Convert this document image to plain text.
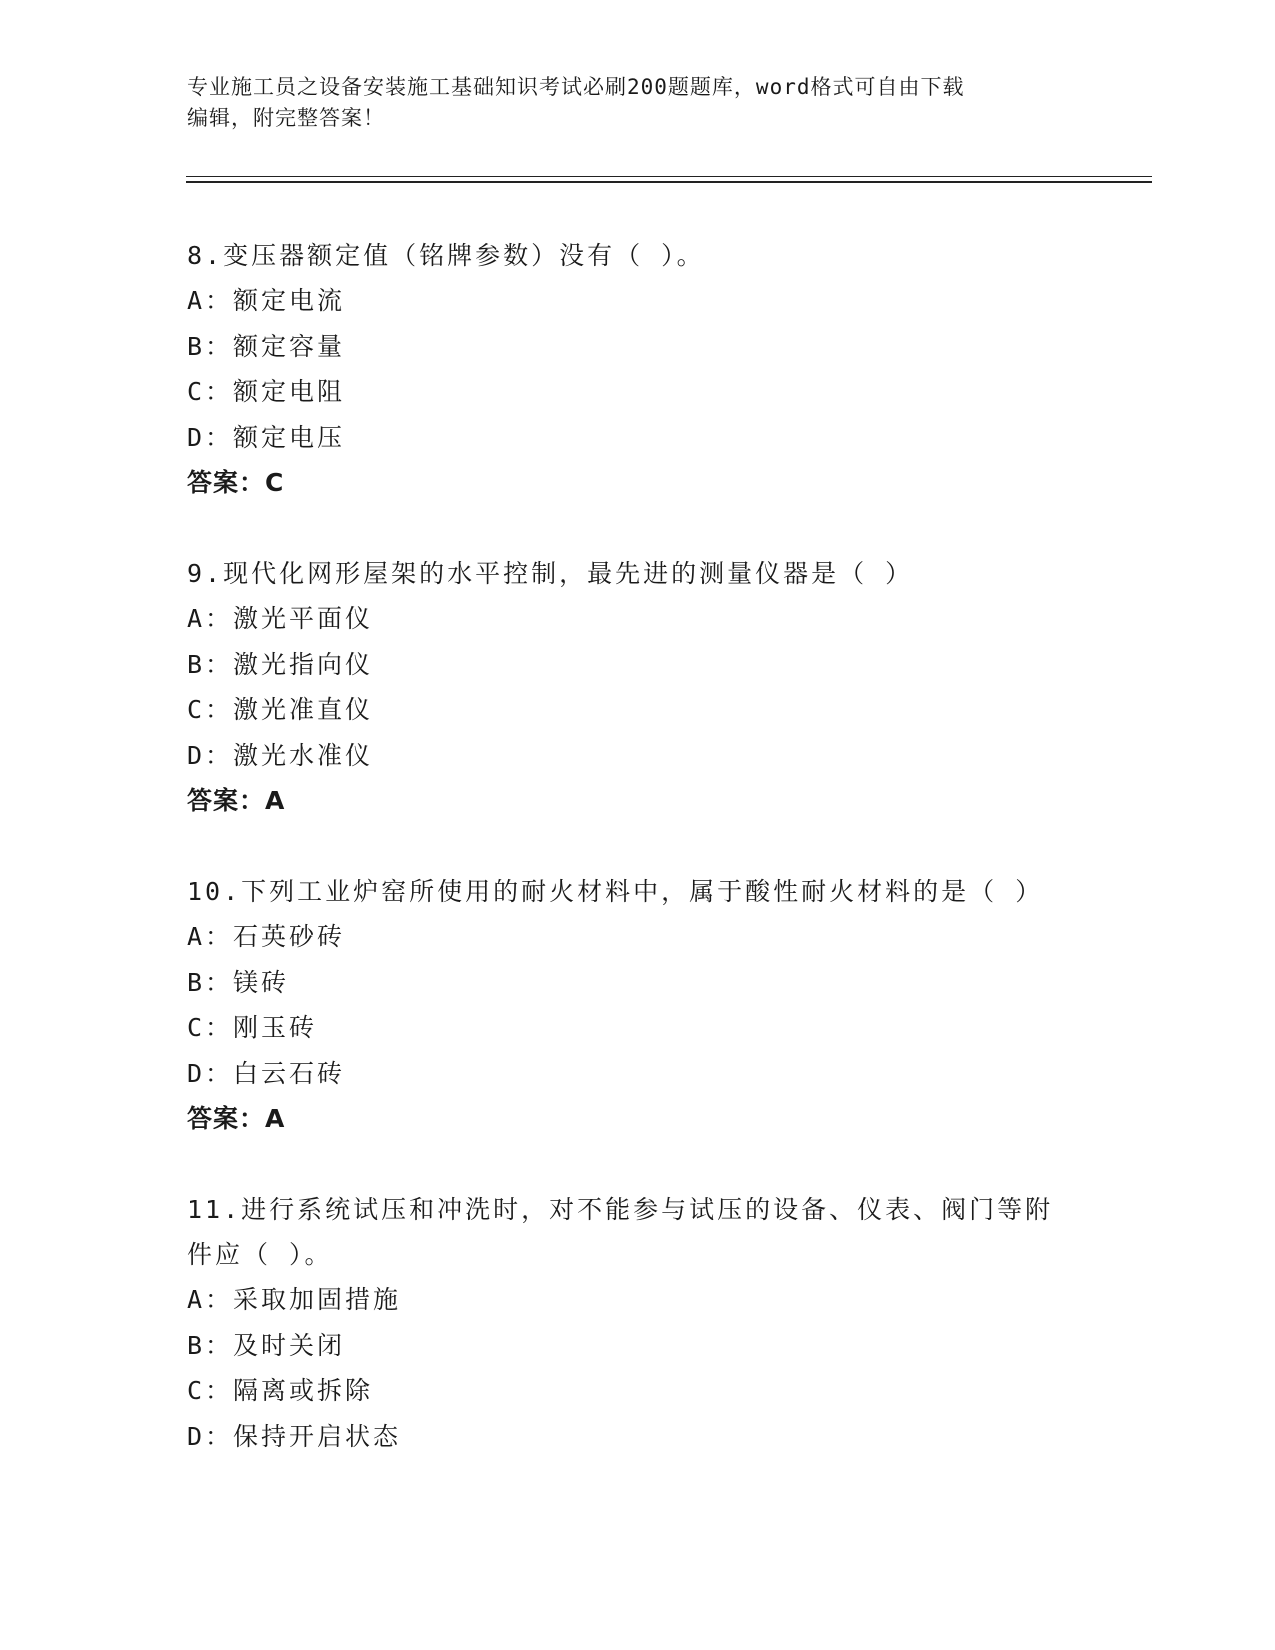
专业施工员之设备安装施工基础知识考试必刷200题题库，word格式可自由下载
编辑，附完整答案！
8.变压器额定值（铭牌参数）没有（ ）。
A：额定电流
B：额定容量
C：额定电阻
D：额定电压
答案：C
9.现代化网形屋架的水平控制，最先进的测量仪器是（ ）
A：激光平面仪
B：激光指向仪
C：激光准直仪
D：激光水准仪
答案：A
10.下列工业炉窑所使用的耐火材料中，属于酸性耐火材料的是（ ）
A：石英砂砖
B：镁砖
C：刚玉砖
D：白云石砖
答案：A
11.进行系统试压和冲洗时，对不能参与试压的设备、仪表、阀门等附
件应（ ）。
A：采取加固措施
B：及时关闭
C：隔离或拆除
D：保持开启状态
